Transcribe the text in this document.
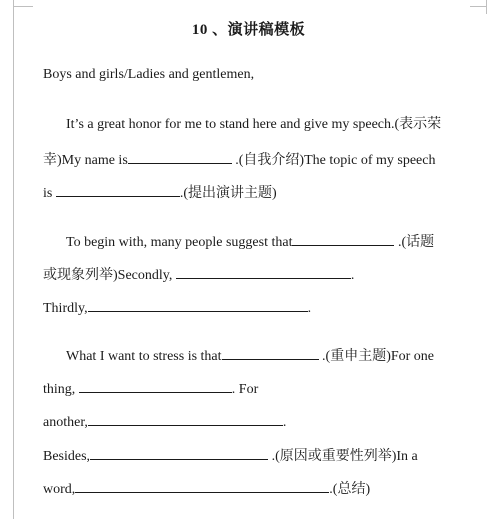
10 、演讲稿模板
Boys and girls/Ladies and gentlemen,
It’s a great honor for me to stand here and give my speech.(表示荣
幸)My name is	.(自我介绍)The topic of my speech
is	.(提出演讲主题)
To begin with, many people suggest that	.(话题
或现象列举)Secondly,	.
Thirdly,	.
What I want to stress is that	.(重申主题)For one
thing,	. For
another,	.
Besides,	.(原因或重要性列举)In a
word,	.(总结)
